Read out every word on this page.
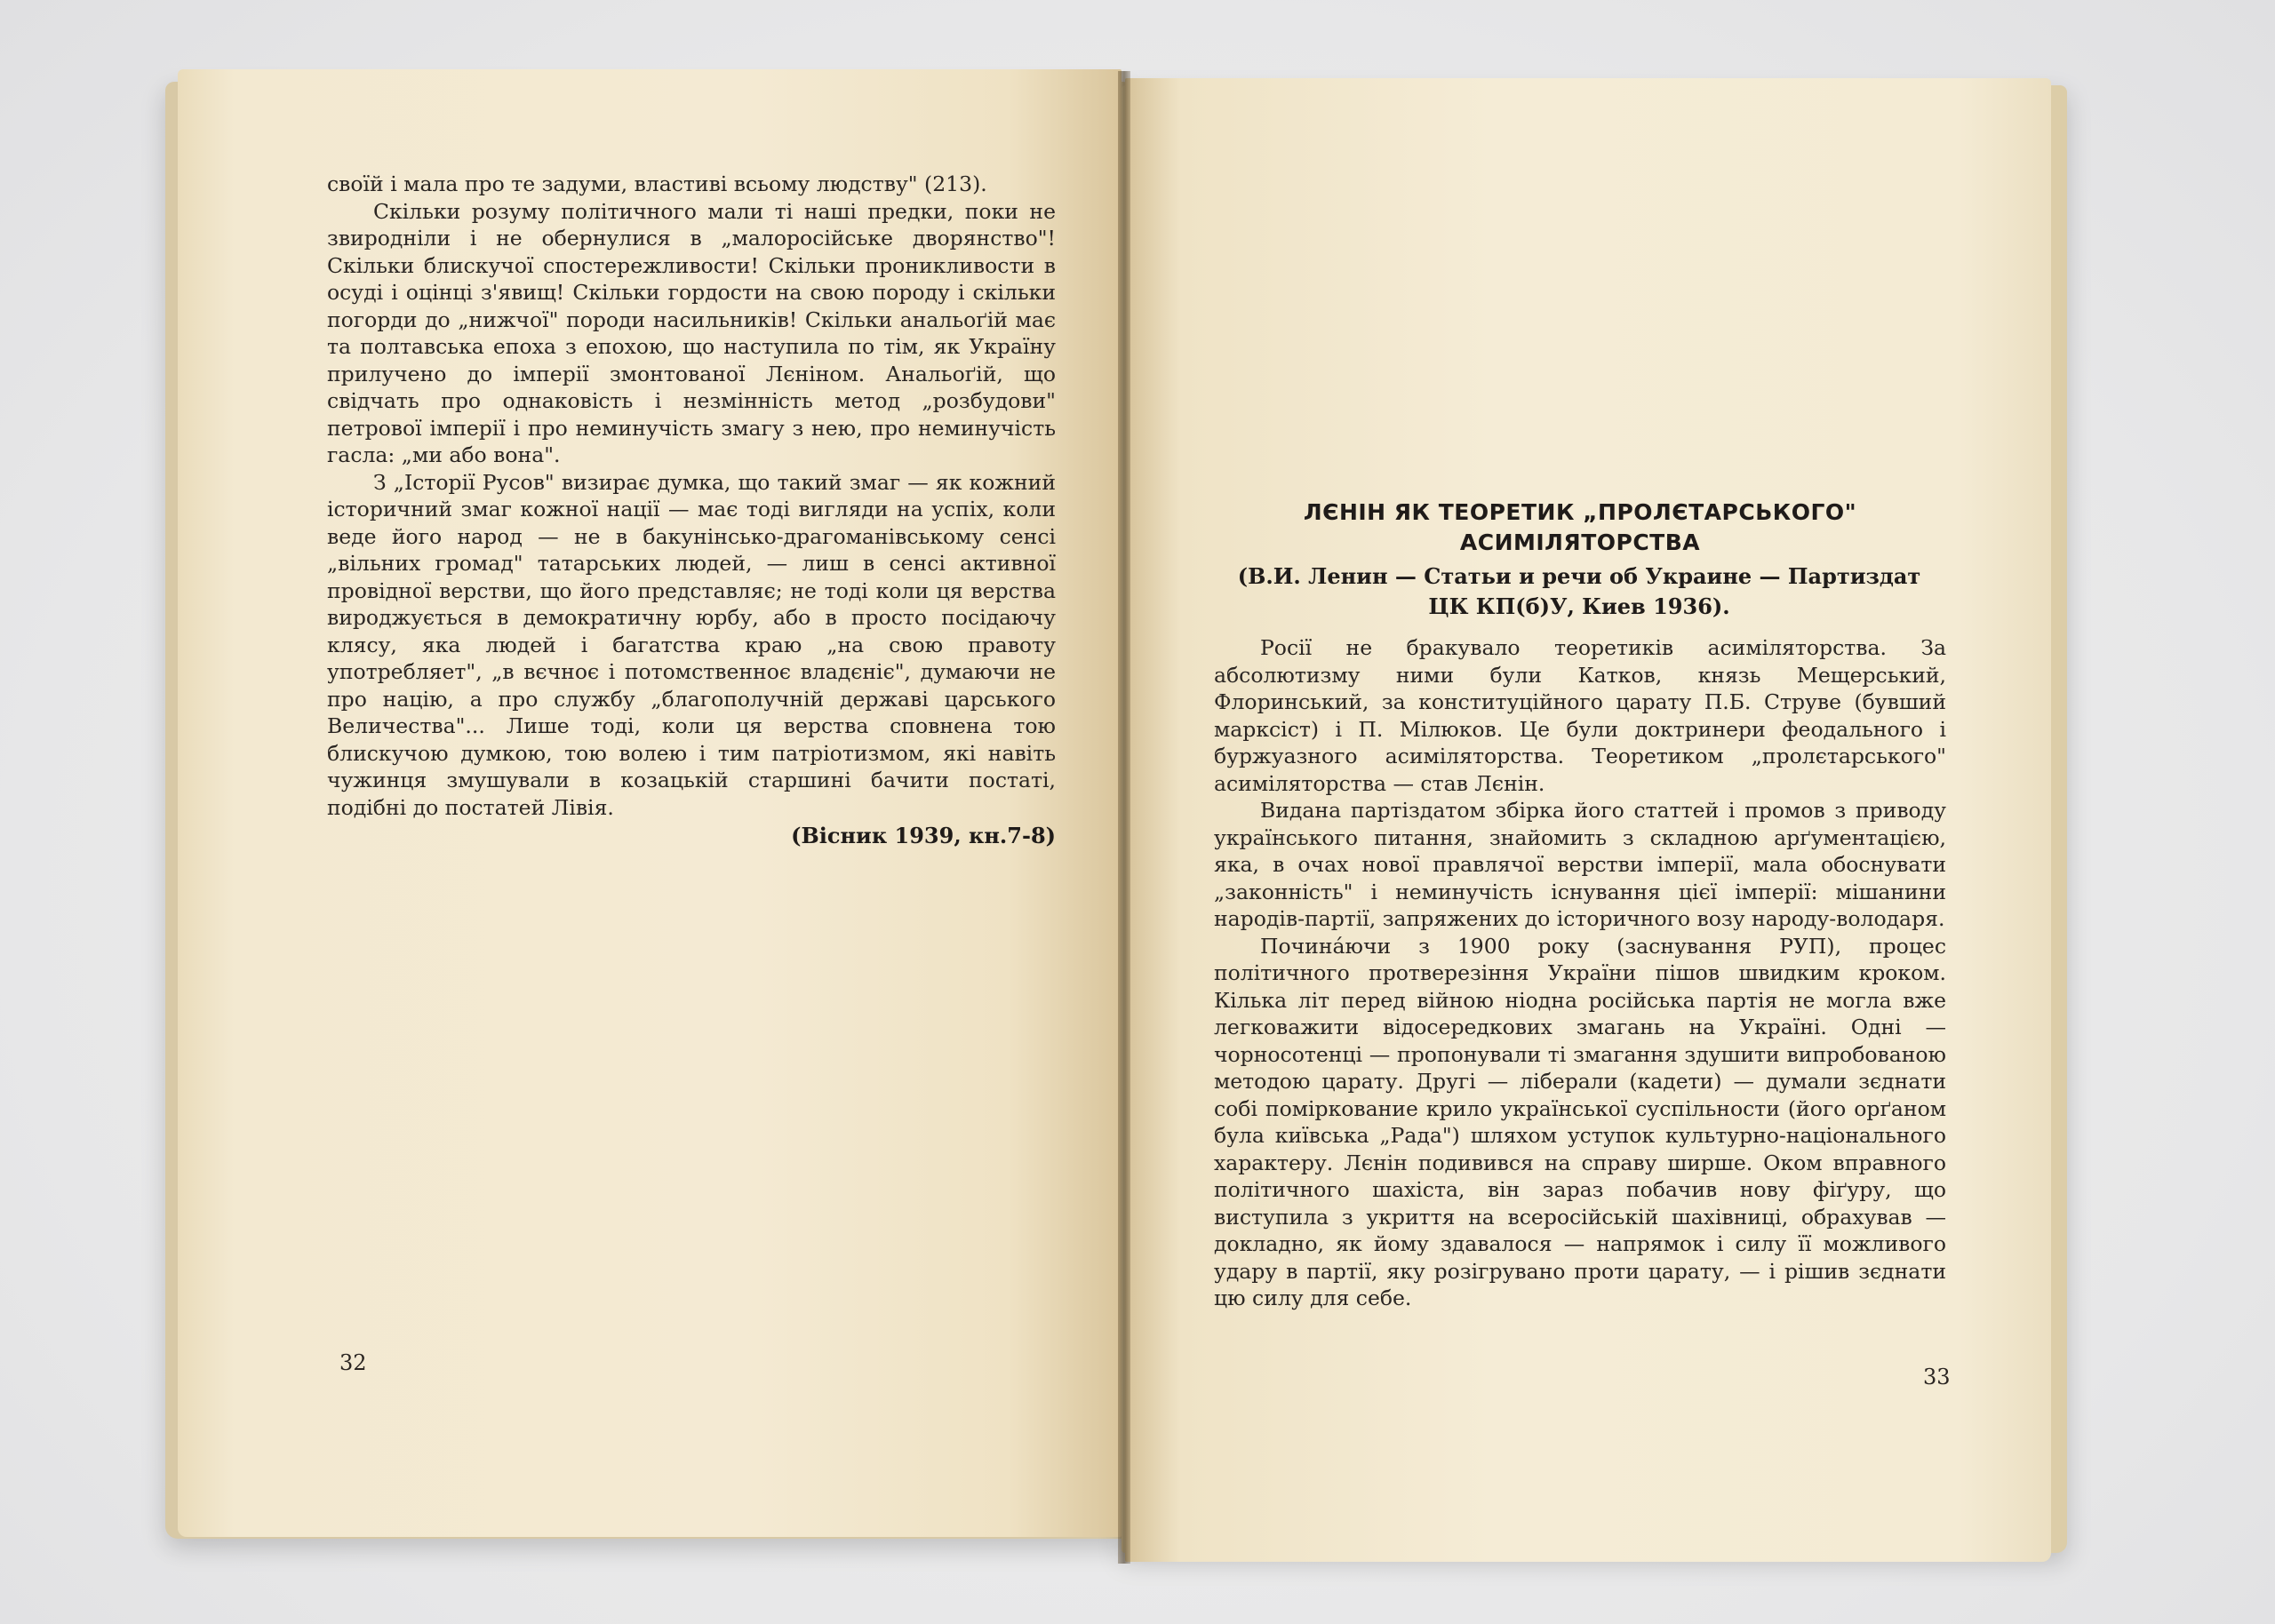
своїй і мала про те задуми, властиві всьому людству" (213).

Скільки розуму політичного мали ті наші предки, поки не звироднiли і не обернулися в „малоросійське дворянство"! Скільки блискучої спостережливости! Скільки проникливости в осуді і оцінці з'явищ! Скільки гордости на свою породу і скільки погорди до „нижчої" породи насильників! Скільки анальоґій має та полтавська епоха з епохою, що наступила по тім, як Україну прилучено до імперії змонтованої Лєніном. Анальоґій, що свідчать про однаковість і незмінність метод „розбудови" петрової імперії і про неминучість змагу з нею, про неминучість гасла: „ми або вона".

З „Історії Русов" визирає думка, що такий змаг — як кожний історичний змаг кожної нації — має тоді вигляди на успіх, коли веде його народ — не в бакунінсько-драгоманівському сенсі „вільних громад" татарських людей, — лиш в сенсі активної провідної верстви, що його представляє; не тоді коли ця верства вироджується в демократичну юрбу, або в просто посідаючу клясу, яка людей і багатства краю „на свою правоту употребляет", „в вєчноє і потомственноє владєніє", думаючи не про націю, а про службу „благополучній державі царського Величества"... Лише тоді, коли ця верства сповнена тою блискучою думкою, тою волею і тим патріотизмом, які навіть чужинця змушували в козацькій старшині бачити постаті, подібні до постатей Лівія.

(Вісник 1939, кн.7-8)
32
ЛЄНІН ЯК ТЕОРЕТИК „ПРОЛЄТАРСЬКОГО"
АСИМІЛЯТОРСТВА
(В.И. Ленин — Статьи и речи об Украине — Партиздат
ЦК КП(б)У, Киев 1936).

Росії не бракувало теоретиків асиміляторства. За абсолютизму ними були Катков, князь Мещерський, Флоринський, за конституційного царату П.Б. Струве (бувший марксіст) і П. Мілюков. Це були доктринери феодального і буржуазного асиміляторства. Теоретиком „пролєтарського" асиміляторства — став Лєнін.

Видана партіздатом збірка його статтей і промов з приводу українського питання, знайомить з складною арґументацією, яка, в очах нової правлячої верстви імперії, мала обоснувати „законність" і неминучість існування цієї імперії: мішанини народів-партії, запряжених до історичного возу народу-володаря.

Почина́ючи з 1900 року (заснування РУП), процес політичного протверезіння України пішов швидким кроком. Кілька літ перед війною ніодна російська партія не могла вже легковажити відосередкових змагань на Україні. Одні — чорносотенці — пропонували ті змагання здушити випробованою методою царату. Другі — ліберали (кадети) — думали зєднати собі поміркование крило української суспільности (його орґаном була київська „Рада") шляхом уступок культурно-національного характеру. Лєнін подивився на справу ширше. Оком вправного політичного шахіста, він зараз побачив нову фіґуру, що виступила з укриття на всеросійській шахівниці, обрахував — докладно, як йому здавалося — напрямок і силу її можливого удару в партії, яку розігрувано проти царату, — і рішив зєднати цю силу для себе.

33
